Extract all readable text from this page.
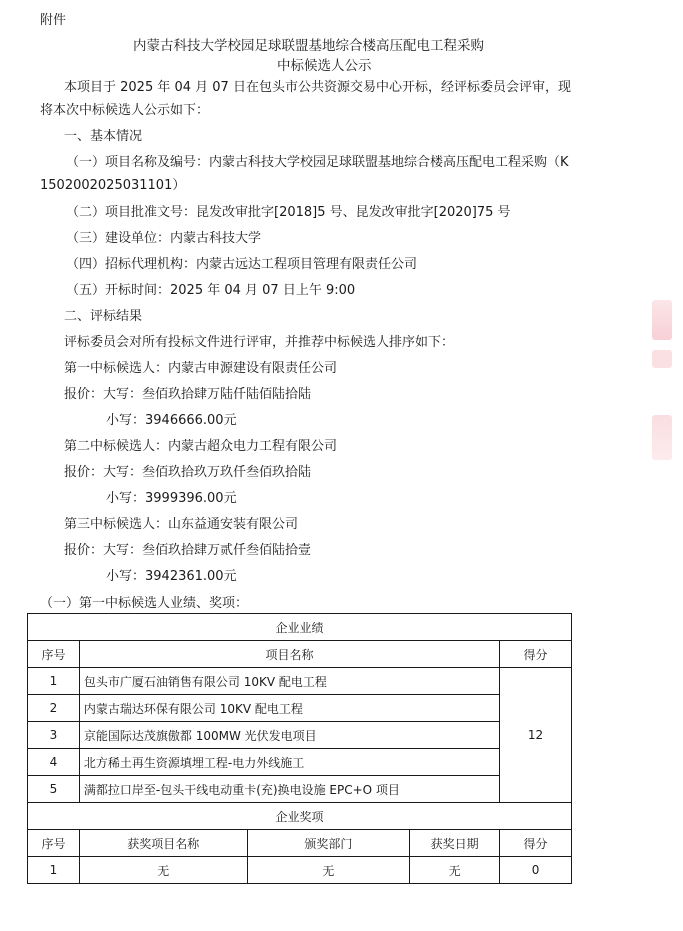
附件
内蒙古科技大学校园足球联盟基地综合楼高压配电工程采购
中标候选人公示
本项目于 2025 年 04 月 07 日在包头市公共资源交易中心开标，经评标委员会评审，现
将本次中标候选人公示如下：
一、基本情况
（一）项目名称及编号：内蒙古科技大学校园足球联盟基地综合楼高压配电工程采购（K
1502002025031101）
（二）项目批准文号：昆发改审批字[2018]5 号、昆发改审批字[2020]75 号
（三）建设单位：内蒙古科技大学
（四）招标代理机构：内蒙古远达工程项目管理有限责任公司
（五）开标时间：2025 年 04 月 07 日上午 9:00
二、评标结果
评标委员会对所有投标文件进行评审，并推荐中标候选人排序如下：
第一中标候选人：内蒙古申源建设有限责任公司
报价：大写：叁佰玖拾肆万陆仟陆佰陆拾陆
小写：3946666.00元
第二中标候选人：内蒙古超众电力工程有限公司
报价：大写：叁佰玖拾玖万玖仟叁佰玖拾陆
小写：3999396.00元
第三中标候选人：山东益通安装有限公司
报价：大写：叁佰玖拾肆万贰仟叁佰陆拾壹
小写：3942361.00元
（一）第一中标候选人业绩、奖项：
企业业绩				
序号	项目名称			得分
1	包头市广厦石油销售有限公司 10KV 配电工程			12
2	内蒙古瑞达环保有限公司 10KV 配电工程			
3	京能国际达茂旗傲都 100MW 光伏发电项目			
4	北方稀土再生资源填埋工程-电力外线施工			
5	满都拉口岸至-包头干线电动重卡(充)换电设施 EPC+O 项目			
企业奖项				
序号	获奖项目名称	颁奖部门	获奖日期	得分
1	无	无	无	0
